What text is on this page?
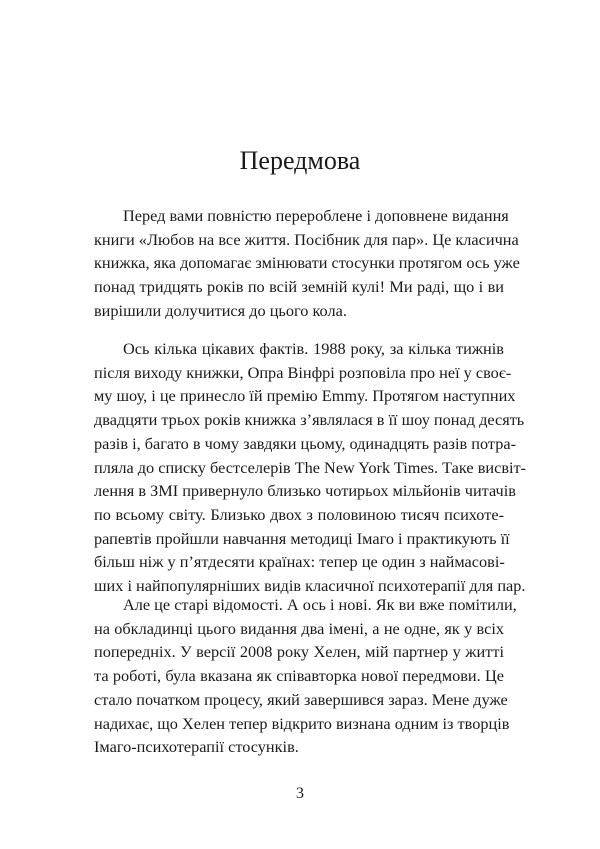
Передмова
Перед вами повністю перероблене і доповнене видання
книги «Любов на все життя. Посібник для пар». Це класична
книжка, яка допомагає змінювати стосунки протягом ось уже
понад тридцять років по всій земній кулі! Ми раді, що і ви
вирішили долучитися до цього кола.
Ось кілька цікавих фактів. 1988 року, за кілька тижнів
після виходу книжки, Опра Вінфрі розповіла про неї у своє-
му шоу, і це принесло їй премію Emmy. Протягом наступних
двадцяти трьох років книжка з’являлася в її шоу понад десять
разів і, багато в чому завдяки цьому, одинадцять разів потра-
пляла до списку бестселерів The New York Times. Таке висвіт-
лення в ЗМІ привернуло близько чотирьох мільйонів читачів
по всьому світу. Близько двох з половиною тисяч психоте-
рапевтів пройшли навчання методиці Імаго і практикують її
більш ніж у п’ятдесяти країнах: тепер це один з наймасові-
ших і найпопулярніших видів класичної психотерапії для пар.
Але це старі відомості. А ось і нові. Як ви вже помітили,
на обкладинці цього видання два імені, а не одне, як у всіх
попередніх. У версії 2008 року Хелен, мій партнер у житті
та роботі, була вказана як співавторка нової передмови. Це
стало початком процесу, який завершився зараз. Мене дуже
надихає, що Хелен тепер відкрито визнана одним із творців
Імаго-психотерапії стосунків.
3
